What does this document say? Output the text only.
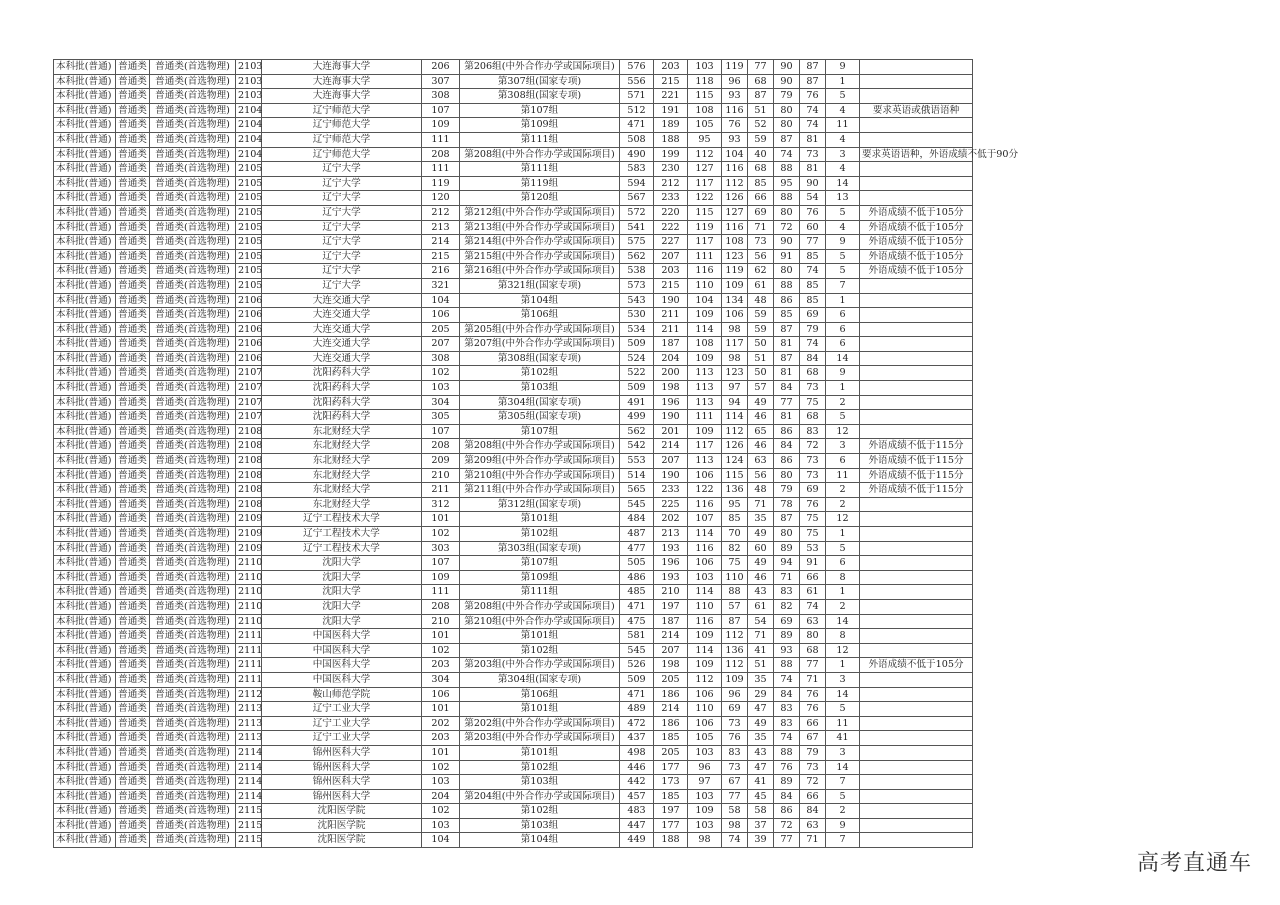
本科批(普通)	普通类	普通类(首选物理)	2103	大连海事大学	206	第206组(中外合作办学或国际项目)	576	203	103	119	77	90	87	9	
本科批(普通)	普通类	普通类(首选物理)	2103	大连海事大学	307	第307组(国家专项)	556	215	118	96	68	90	87	1	
本科批(普通)	普通类	普通类(首选物理)	2103	大连海事大学	308	第308组(国家专项)	571	221	115	93	87	79	76	5	
本科批(普通)	普通类	普通类(首选物理)	2104	辽宁师范大学	107	第107组	512	191	108	116	51	80	74	4	要求英语或俄语语种
本科批(普通)	普通类	普通类(首选物理)	2104	辽宁师范大学	109	第109组	471	189	105	76	52	80	74	11	
本科批(普通)	普通类	普通类(首选物理)	2104	辽宁师范大学	111	第111组	508	188	95	93	59	87	81	4	
本科批(普通)	普通类	普通类(首选物理)	2104	辽宁师范大学	208	第208组(中外合作办学或国际项目)	490	199	112	104	40	74	73	3	要求英语语种，外语成绩不低于90分
本科批(普通)	普通类	普通类(首选物理)	2105	辽宁大学	111	第111组	583	230	127	116	68	88	81	4	
本科批(普通)	普通类	普通类(首选物理)	2105	辽宁大学	119	第119组	594	212	117	112	85	95	90	14	
本科批(普通)	普通类	普通类(首选物理)	2105	辽宁大学	120	第120组	567	233	122	126	66	88	54	13	
本科批(普通)	普通类	普通类(首选物理)	2105	辽宁大学	212	第212组(中外合作办学或国际项目)	572	220	115	127	69	80	76	5	外语成绩不低于105分
本科批(普通)	普通类	普通类(首选物理)	2105	辽宁大学	213	第213组(中外合作办学或国际项目)	541	222	119	116	71	72	60	4	外语成绩不低于105分
本科批(普通)	普通类	普通类(首选物理)	2105	辽宁大学	214	第214组(中外合作办学或国际项目)	575	227	117	108	73	90	77	9	外语成绩不低于105分
本科批(普通)	普通类	普通类(首选物理)	2105	辽宁大学	215	第215组(中外合作办学或国际项目)	562	207	111	123	56	91	85	5	外语成绩不低于105分
本科批(普通)	普通类	普通类(首选物理)	2105	辽宁大学	216	第216组(中外合作办学或国际项目)	538	203	116	119	62	80	74	5	外语成绩不低于105分
本科批(普通)	普通类	普通类(首选物理)	2105	辽宁大学	321	第321组(国家专项)	573	215	110	109	61	88	85	7	
本科批(普通)	普通类	普通类(首选物理)	2106	大连交通大学	104	第104组	543	190	104	134	48	86	85	1	
本科批(普通)	普通类	普通类(首选物理)	2106	大连交通大学	106	第106组	530	211	109	106	59	85	69	6	
本科批(普通)	普通类	普通类(首选物理)	2106	大连交通大学	205	第205组(中外合作办学或国际项目)	534	211	114	98	59	87	79	6	
本科批(普通)	普通类	普通类(首选物理)	2106	大连交通大学	207	第207组(中外合作办学或国际项目)	509	187	108	117	50	81	74	6	
本科批(普通)	普通类	普通类(首选物理)	2106	大连交通大学	308	第308组(国家专项)	524	204	109	98	51	87	84	14	
本科批(普通)	普通类	普通类(首选物理)	2107	沈阳药科大学	102	第102组	522	200	113	123	50	81	68	9	
本科批(普通)	普通类	普通类(首选物理)	2107	沈阳药科大学	103	第103组	509	198	113	97	57	84	73	1	
本科批(普通)	普通类	普通类(首选物理)	2107	沈阳药科大学	304	第304组(国家专项)	491	196	113	94	49	77	75	2	
本科批(普通)	普通类	普通类(首选物理)	2107	沈阳药科大学	305	第305组(国家专项)	499	190	111	114	46	81	68	5	
本科批(普通)	普通类	普通类(首选物理)	2108	东北财经大学	107	第107组	562	201	109	112	65	86	83	12	
本科批(普通)	普通类	普通类(首选物理)	2108	东北财经大学	208	第208组(中外合作办学或国际项目)	542	214	117	126	46	84	72	3	外语成绩不低于115分
本科批(普通)	普通类	普通类(首选物理)	2108	东北财经大学	209	第209组(中外合作办学或国际项目)	553	207	113	124	63	86	73	6	外语成绩不低于115分
本科批(普通)	普通类	普通类(首选物理)	2108	东北财经大学	210	第210组(中外合作办学或国际项目)	514	190	106	115	56	80	73	11	外语成绩不低于115分
本科批(普通)	普通类	普通类(首选物理)	2108	东北财经大学	211	第211组(中外合作办学或国际项目)	565	233	122	136	48	79	69	2	外语成绩不低于115分
本科批(普通)	普通类	普通类(首选物理)	2108	东北财经大学	312	第312组(国家专项)	545	225	116	95	71	78	76	2	
本科批(普通)	普通类	普通类(首选物理)	2109	辽宁工程技术大学	101	第101组	484	202	107	85	35	87	75	12	
本科批(普通)	普通类	普通类(首选物理)	2109	辽宁工程技术大学	102	第102组	487	213	114	70	49	80	75	1	
本科批(普通)	普通类	普通类(首选物理)	2109	辽宁工程技术大学	303	第303组(国家专项)	477	193	116	82	60	89	53	5	
本科批(普通)	普通类	普通类(首选物理)	2110	沈阳大学	107	第107组	505	196	106	75	49	94	91	6	
本科批(普通)	普通类	普通类(首选物理)	2110	沈阳大学	109	第109组	486	193	103	110	46	71	66	8	
本科批(普通)	普通类	普通类(首选物理)	2110	沈阳大学	111	第111组	485	210	114	88	43	83	61	1	
本科批(普通)	普通类	普通类(首选物理)	2110	沈阳大学	208	第208组(中外合作办学或国际项目)	471	197	110	57	61	82	74	2	
本科批(普通)	普通类	普通类(首选物理)	2110	沈阳大学	210	第210组(中外合作办学或国际项目)	475	187	116	87	54	69	63	14	
本科批(普通)	普通类	普通类(首选物理)	2111	中国医科大学	101	第101组	581	214	109	112	71	89	80	8	
本科批(普通)	普通类	普通类(首选物理)	2111	中国医科大学	102	第102组	545	207	114	136	41	93	68	12	
本科批(普通)	普通类	普通类(首选物理)	2111	中国医科大学	203	第203组(中外合作办学或国际项目)	526	198	109	112	51	88	77	1	外语成绩不低于105分
本科批(普通)	普通类	普通类(首选物理)	2111	中国医科大学	304	第304组(国家专项)	509	205	112	109	35	74	71	3	
本科批(普通)	普通类	普通类(首选物理)	2112	鞍山师范学院	106	第106组	471	186	106	96	29	84	76	14	
本科批(普通)	普通类	普通类(首选物理)	2113	辽宁工业大学	101	第101组	489	214	110	69	47	83	76	5	
本科批(普通)	普通类	普通类(首选物理)	2113	辽宁工业大学	202	第202组(中外合作办学或国际项目)	472	186	106	73	49	83	66	11	
本科批(普通)	普通类	普通类(首选物理)	2113	辽宁工业大学	203	第203组(中外合作办学或国际项目)	437	185	105	76	35	74	67	41	
本科批(普通)	普通类	普通类(首选物理)	2114	锦州医科大学	101	第101组	498	205	103	83	43	88	79	3	
本科批(普通)	普通类	普通类(首选物理)	2114	锦州医科大学	102	第102组	446	177	96	73	47	76	73	14	
本科批(普通)	普通类	普通类(首选物理)	2114	锦州医科大学	103	第103组	442	173	97	67	41	89	72	7	
本科批(普通)	普通类	普通类(首选物理)	2114	锦州医科大学	204	第204组(中外合作办学或国际项目)	457	185	103	77	45	84	66	5	
本科批(普通)	普通类	普通类(首选物理)	2115	沈阳医学院	102	第102组	483	197	109	58	58	86	84	2	
本科批(普通)	普通类	普通类(首选物理)	2115	沈阳医学院	103	第103组	447	177	103	98	37	72	63	9	
本科批(普通)	普通类	普通类(首选物理)	2115	沈阳医学院	104	第104组	449	188	98	74	39	77	71	7	
高考直通车
